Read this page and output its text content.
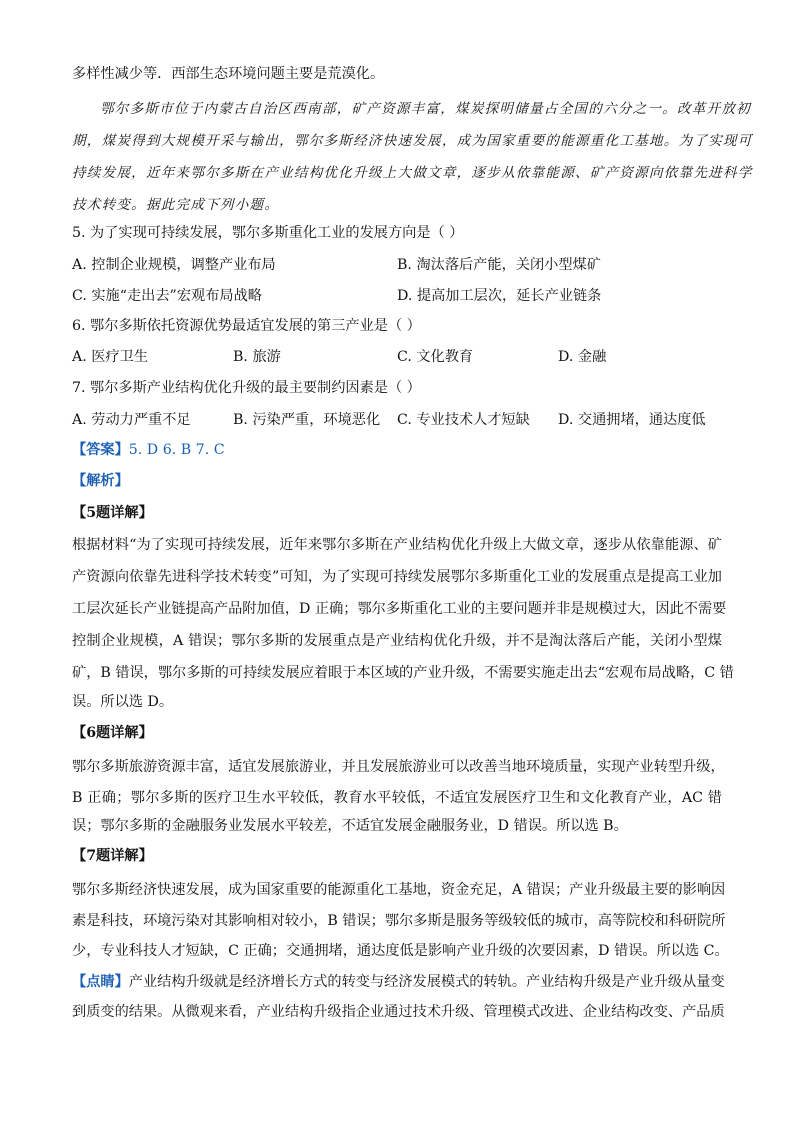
多样性减少等．西部生态环境问题主要是荒漠化。
鄂尔多斯市位于内蒙古自治区西南部，矿产资源丰富，煤炭探明储量占全国的六分之一。改革开放初
期，煤炭得到大规模开采与输出，鄂尔多斯经济快速发展，成为国家重要的能源重化工基地。为了实现可
持续发展，近年来鄂尔多斯在产业结构优化升级上大做文章，逐步从依靠能源、矿产资源向依靠先进科学
技术转变。据此完成下列小题。
5. 为了实现可持续发展，鄂尔多斯重化工业的发展方向是（ ）
A. 控制企业规模，调整产业布局	B. 淘汰落后产能，关闭小型煤矿
C. 实施“走出去”宏观布局战略	D. 提高加工层次，延长产业链条
6. 鄂尔多斯依托资源优势最适宜发展的第三产业是（ ）
A. 医疗卫生	B. 旅游	C. 文化教育	D. 金融
7. 鄂尔多斯产业结构优化升级的最主要制约因素是（ ）
A. 劳动力严重不足	B. 污染严重，环境恶化 C. 专业技术人才短缺 D. 交通拥堵，通达度低
【答案】5. D 6. B 7. C
【解析】
【5题详解】
根据材料“为了实现可持续发展，近年来鄂尔多斯在产业结构优化升级上大做文章，逐步从依靠能源、矿
产资源向依靠先进科学技术转变”可知，为了实现可持续发展鄂尔多斯重化工业的发展重点是提高工业加
工层次延长产业链提高产品附加值，D 正确；鄂尔多斯重化工业的主要问题并非是规模过大，因此不需要
控制企业规模，A 错误；鄂尔多斯的发展重点是产业结构优化升级，并不是淘汰落后产能，关闭小型煤
矿，B 错误，鄂尔多斯的可持续发展应着眼于本区域的产业升级，不需要实施走出去“宏观布局战略，C 错
误。所以选 D。
【6题详解】
鄂尔多斯旅游资源丰富，适宜发展旅游业，并且发展旅游业可以改善当地环境质量，实现产业转型升级，
B 正确；鄂尔多斯的医疗卫生水平较低，教育水平较低，不适宜发展医疗卫生和文化教育产业，AC 错
误；鄂尔多斯的金融服务业发展水平较差，不适宜发展金融服务业，D 错误。所以选 B。
【7题详解】
鄂尔多斯经济快速发展，成为国家重要的能源重化工基地，资金充足，A 错误；产业升级最主要的影响因
素是科技，环境污染对其影响相对较小，B 错误；鄂尔多斯是服务等级较低的城市，高等院校和科研院所
少，专业科技人才短缺，C 正确；交通拥堵，通达度低是影响产业升级的次要因素，D 错误。所以选 C。
【点睛】产业结构升级就是经济增长方式的转变与经济发展模式的转轨。产业结构升级是产业升级从量变
到质变的结果。从微观来看，产业结构升级指企业通过技术升级、管理模式改进、企业结构改变、产品质
